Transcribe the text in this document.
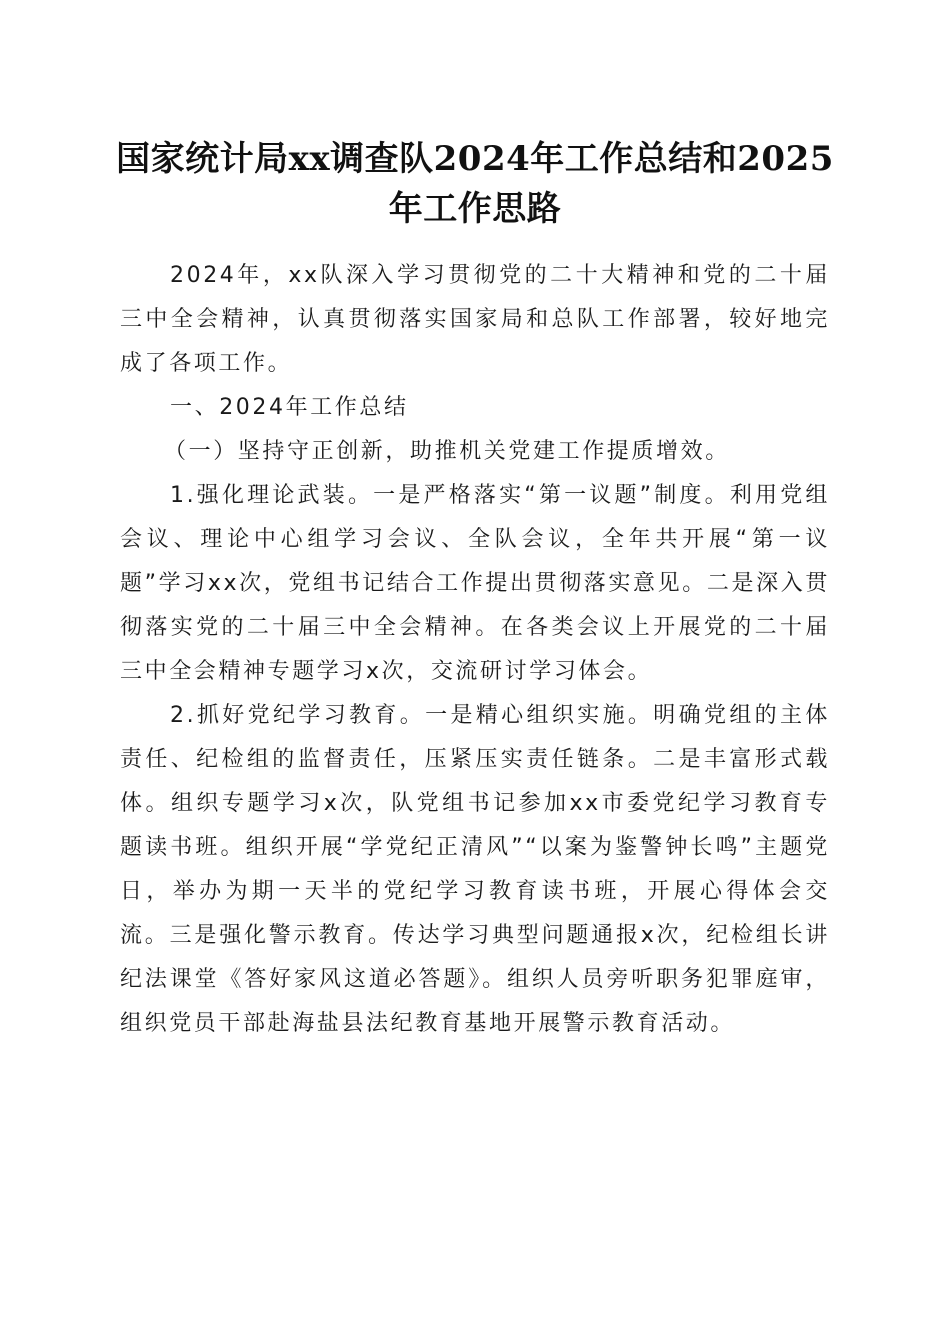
国家统计局xx调查队2024年工作总结和2025
年工作思路

2024年，xx队深入学习贯彻党的二十大精神和党的二十届三中全会精神，认真贯彻落实国家局和总队工作部署，较好地完成了各项工作。

一、2024年工作总结

（一）坚持守正创新，助推机关党建工作提质增效。

1.强化理论武装。一是严格落实“第一议题”制度。利用党组会议、理论中心组学习会议、全队会议，全年共开展“第一议题”学习xx次，党组书记结合工作提出贯彻落实意见。二是深入贯彻落实党的二十届三中全会精神。在各类会议上开展党的二十届三中全会精神专题学习x次，交流研讨学习体会。

2.抓好党纪学习教育。一是精心组织实施。明确党组的主体责任、纪检组的监督责任，压紧压实责任链条。二是丰富形式载体。组织专题学习x次，队党组书记参加xx市委党纪学习教育专题读书班。组织开展“学党纪正清风”“以案为鉴警钟长鸣”主题党日，举办为期一天半的党纪学习教育读书班，开展心得体会交流。三是强化警示教育。传达学习典型问题通报x次，纪检组长讲纪法课堂《答好家风这道必答题》。组织人员旁听职务犯罪庭审，组织党员干部赴海盐县法纪教育基地开展警示教育活动。
